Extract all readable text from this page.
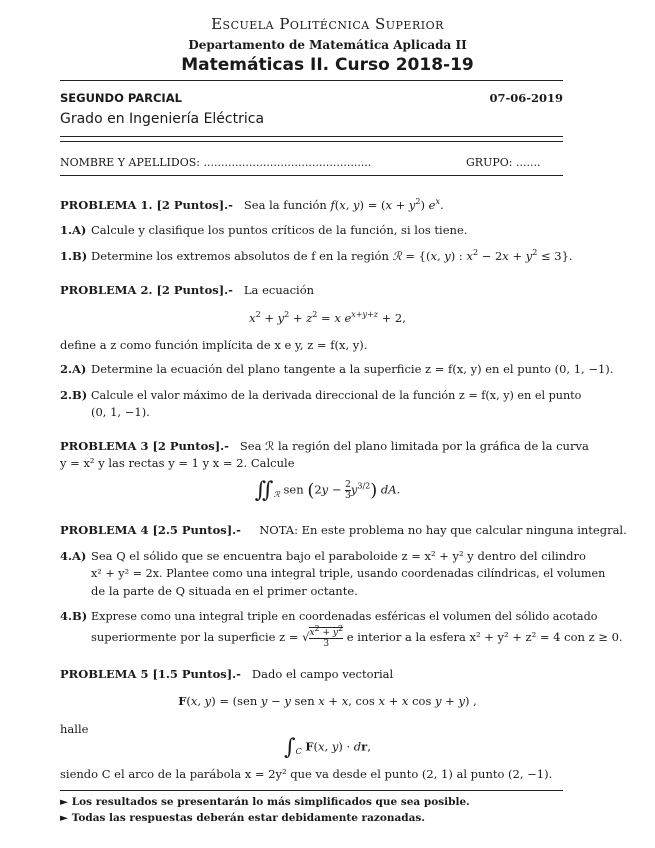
Escuela Politécnica Superior
Departamento de Matemática Aplicada II
Matemáticas II. Curso 2018-19
SEGUNDO PARCIAL	07-06-2019
Grado en Ingeniería Eléctrica
NOMBRE Y APELLIDOS: ................................................	GRUPO: .......
PROBLEMA 1. [2 Puntos].- Sea la función f(x, $y) = (x + y^2)$ $e^x$.
1.A) Calcule y clasifique los puntos críticos de la función, si los tiene.
1.B) Determine los extremos absolutos de f en la región ℛ = {(x, y) : $x^2 - 2x + y^2 \le 3$}.
PROBLEMA 2. [2 Puntos].- La ecuación
$x^2 + y^2 + z^2 = x$ $e^{x+y+z} + 2$,
define a z como función implícita de x e y, z = f(x, y).
2.A) Determine la ecuación del plano tangente a la superficie z = f(x, y) en el punto (0, 1, −1).
2.B) Calcule el valor máximo de la derivada direccional de la función z = f(x, y) en el punto
(0, 1, −1).
PROBLEMA 3 [2 Puntos].- Sea ℛ la región del plano limitada por la gráfica de la curva
y = x² y las rectas y = 1 y x = 2. Calcule
$∬_ℛ$ sen $(2y - \frac{2}{3} y^{3/2})$ dA.
PROBLEMA 4 [2.5 Puntos].- NOTA: En este problema no hay que calcular ninguna integral.
4.A) Sea Q el sólido que se encuentra bajo el paraboloide z = x² + y² y dentro del cilindro
x² + y² = 2x. Plantee como una integral triple, usando coordenadas cilíndricas, el volumen
de la parte de Q situada en el primer octante.
4.B) Exprese como una integral triple en coordenadas esféricas el volumen del sólido acotado
superiormente por la superficie z = √ $\frac{x^2 + y^2}{3}$ e interior a la esfera x² + y² + z² = 4 con z ≥ 0.
PROBLEMA 5 [1.5 Puntos].- Dado el campo vectorial
F(x, y) = (sen y − y sen x + x, cos x + x cos y + y) ,
halle
$\int_C$ F(x, y) · dr,
siendo C el arco de la parábola x = 2y² que va desde el punto (2, 1) al punto (2, −1).
► Los resultados se presentarán lo más simplificados que sea posible.
► Todas las respuestas deberán estar debidamente razonadas.
